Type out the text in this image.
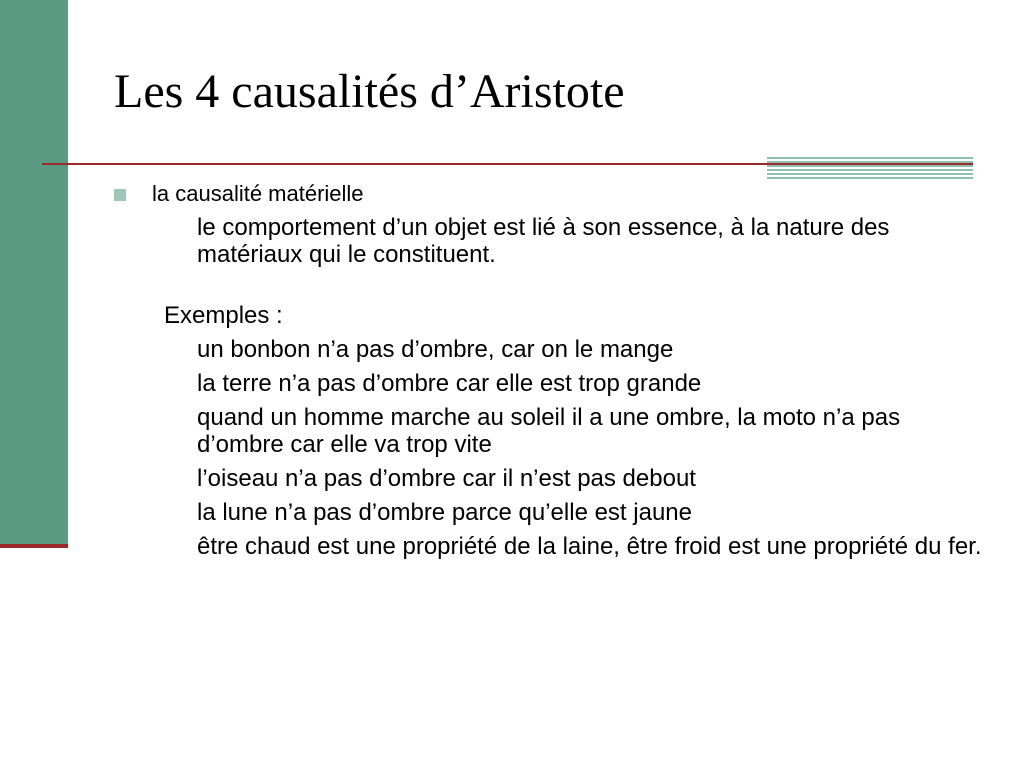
Les 4 causalités d’Aristote
la causalité matérielle
le comportement d’un objet est lié à son essence, à la nature des matériaux qui le constituent.
Exemples :
un bonbon n’a pas d’ombre, car on le mange
la terre n’a pas d’ombre car elle est trop grande
quand un homme marche au soleil il a une ombre, la moto n’a pas d’ombre car elle va trop vite
l’oiseau n’a pas d’ombre car il n’est pas debout
la lune n’a pas d’ombre parce qu’elle est jaune
être chaud est une propriété de la laine, être froid est une propriété du fer.
